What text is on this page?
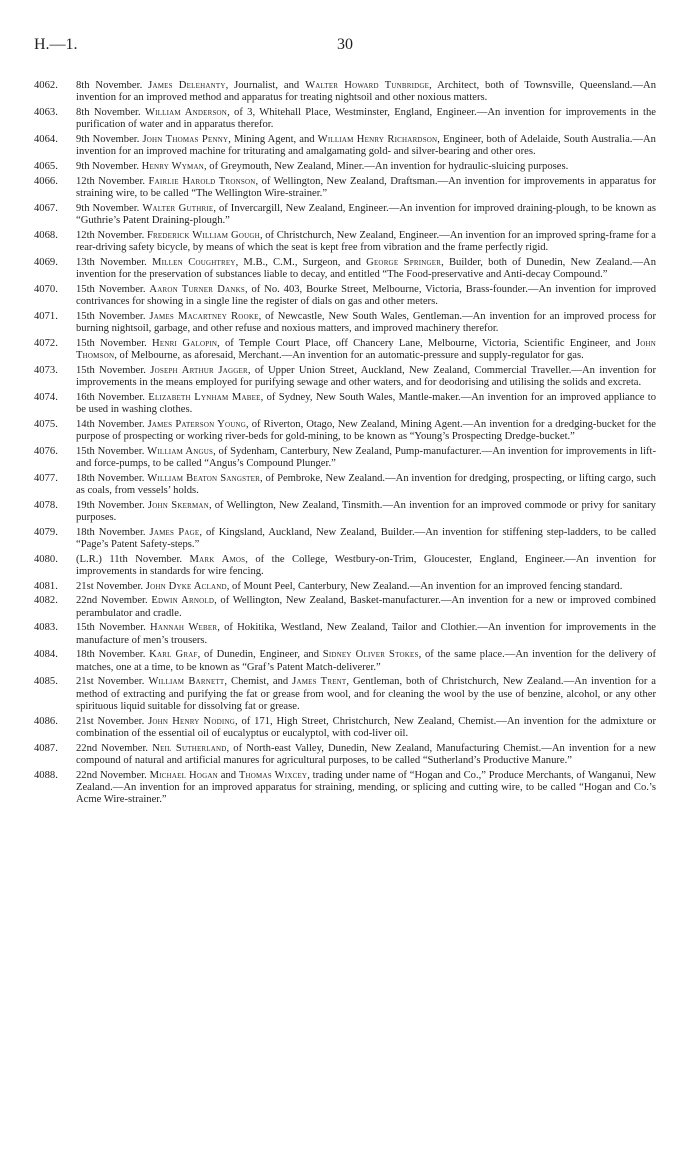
H.—1.	30
4062.	8th November. James Delehanty, Journalist, and Walter Howard Tunbridge, Architect, both of Townsville, Queensland.—An invention for an improved method and apparatus for treating nightsoil and other noxious matters.
4063.	8th November. William Anderson, of 3, Whitehall Place, Westminster, England, Engineer.—An invention for improvements in the purification of water and in apparatus therefor.
4064.	9th November. John Thomas Penny, Mining Agent, and William Henry Richardson, Engineer, both of Adelaide, South Australia.—An invention for an improved machine for triturating and amalgamating gold- and silver-bearing and other ores.
4065.	9th November. Henry Wyman, of Greymouth, New Zealand, Miner.—An invention for hydraulic-sluicing purposes.
4066.	12th November. Fairlie Harold Tronson, of Wellington, New Zealand, Draftsman.—An invention for improvements in apparatus for straining wire, to be called “The Wellington Wire-strainer.”
4067.	9th November. Walter Guthrie, of Invercargill, New Zealand, Engineer.—An invention for improved draining-plough, to be known as “Guthrie’s Patent Draining-plough.”
4068.	12th November. Frederick William Gough, of Christchurch, New Zealand, Engineer.—An invention for an improved spring-frame for a rear-driving safety bicycle, by means of which the seat is kept free from vibration and the frame perfectly rigid.
4069.	13th November. Millen Coughtrey, M.B., C.M., Surgeon, and George Springer, Builder, both of Dunedin, New Zealand.—An invention for the preservation of substances liable to decay, and entitled “The Food-preservative and Anti-decay Compound.”
4070.	15th November. Aaron Turner Danks, of No. 403, Bourke Street, Melbourne, Victoria, Brass-founder.—An invention for improved contrivances for showing in a single line the register of dials on gas and other meters.
4071.	15th November. James Macartney Rooke, of Newcastle, New South Wales, Gentleman.—An invention for an improved process for burning nightsoil, garbage, and other refuse and noxious matters, and improved machinery therefor.
4072.	15th November. Henri Galopin, of Temple Court Place, off Chancery Lane, Melbourne, Victoria, Scientific Engineer, and John Thomson, of Melbourne, as aforesaid, Merchant.—An invention for an automatic-pressure and supply-regulator for gas.
4073.	15th November. Joseph Arthur Jagger, of Upper Union Street, Auckland, New Zealand, Commercial Traveller.—An invention for improvements in the means employed for purifying sewage and other waters, and for deodorising and utilising the solids and excreta.
4074.	16th November. Elizabeth Lynham Mabee, of Sydney, New South Wales, Mantle-maker.—An invention for an improved appliance to be used in washing clothes.
4075.	14th November. James Paterson Young, of Riverton, Otago, New Zealand, Mining Agent.—An invention for a dredging-bucket for the purpose of prospecting or working river-beds for gold-mining, to be known as “Young’s Prospecting Dredge-bucket.”
4076.	15th November. William Angus, of Sydenham, Canterbury, New Zealand, Pump-manufacturer.—An invention for improvements in lift- and force-pumps, to be called “Angus’s Compound Plunger.”
4077.	18th November. William Beaton Sangster, of Pembroke, New Zealand.—An invention for dredging, prospecting, or lifting cargo, such as coals, from vessels’ holds.
4078.	19th November. John Skerman, of Wellington, New Zealand, Tinsmith.—An invention for an improved commode or privy for sanitary purposes.
4079.	18th November. James Page, of Kingsland, Auckland, New Zealand, Builder.—An invention for stiffening step-ladders, to be called “Page’s Patent Safety-steps.”
4080.	(L.R.) 11th November. Mark Amos, of the College, Westbury-on-Trim, Gloucester, England, Engineer.—An invention for improvements in standards for wire fencing.
4081.	21st November. John Dyke Acland, of Mount Peel, Canterbury, New Zealand.—An invention for an improved fencing standard.
4082.	22nd November. Edwin Arnold, of Wellington, New Zealand, Basket-manufacturer.—An invention for a new or improved combined perambulator and cradle.
4083.	15th November. Hannah Weber, of Hokitika, Westland, New Zealand, Tailor and Clothier.—An invention for improvements in the manufacture of men’s trousers.
4084.	18th November. Karl Graf, of Dunedin, Engineer, and Sidney Oliver Stokes, of the same place.—An invention for the delivery of matches, one at a time, to be known as “Graf’s Patent Match-deliverer.”
4085.	21st November. William Barnett, Chemist, and James Trent, Gentleman, both of Christchurch, New Zealand.—An invention for a method of extracting and purifying the fat or grease from wool, and for cleaning the wool by the use of benzine, alcohol, or any other spirituous liquid suitable for dissolving fat or grease.
4086.	21st November. John Henry Noding, of 171, High Street, Christchurch, New Zealand, Chemist.—An invention for the admixture or combination of the essential oil of eucalyptus or eucalyptol, with cod-liver oil.
4087.	22nd November. Neil Sutherland, of North-east Valley, Dunedin, New Zealand, Manufacturing Chemist.—An invention for a new compound of natural and artificial manures for agricultural purposes, to be called “Sutherland’s Productive Manure.”
4088.	22nd November. Michael Hogan and Thomas Wixcey, trading under name of “Hogan and Co.,” Produce Merchants, of Wanganui, New Zealand.—An invention for an improved apparatus for straining, mending, or splicing and cutting wire, to be called “Hogan and Co.’s Acme Wire-strainer.”
